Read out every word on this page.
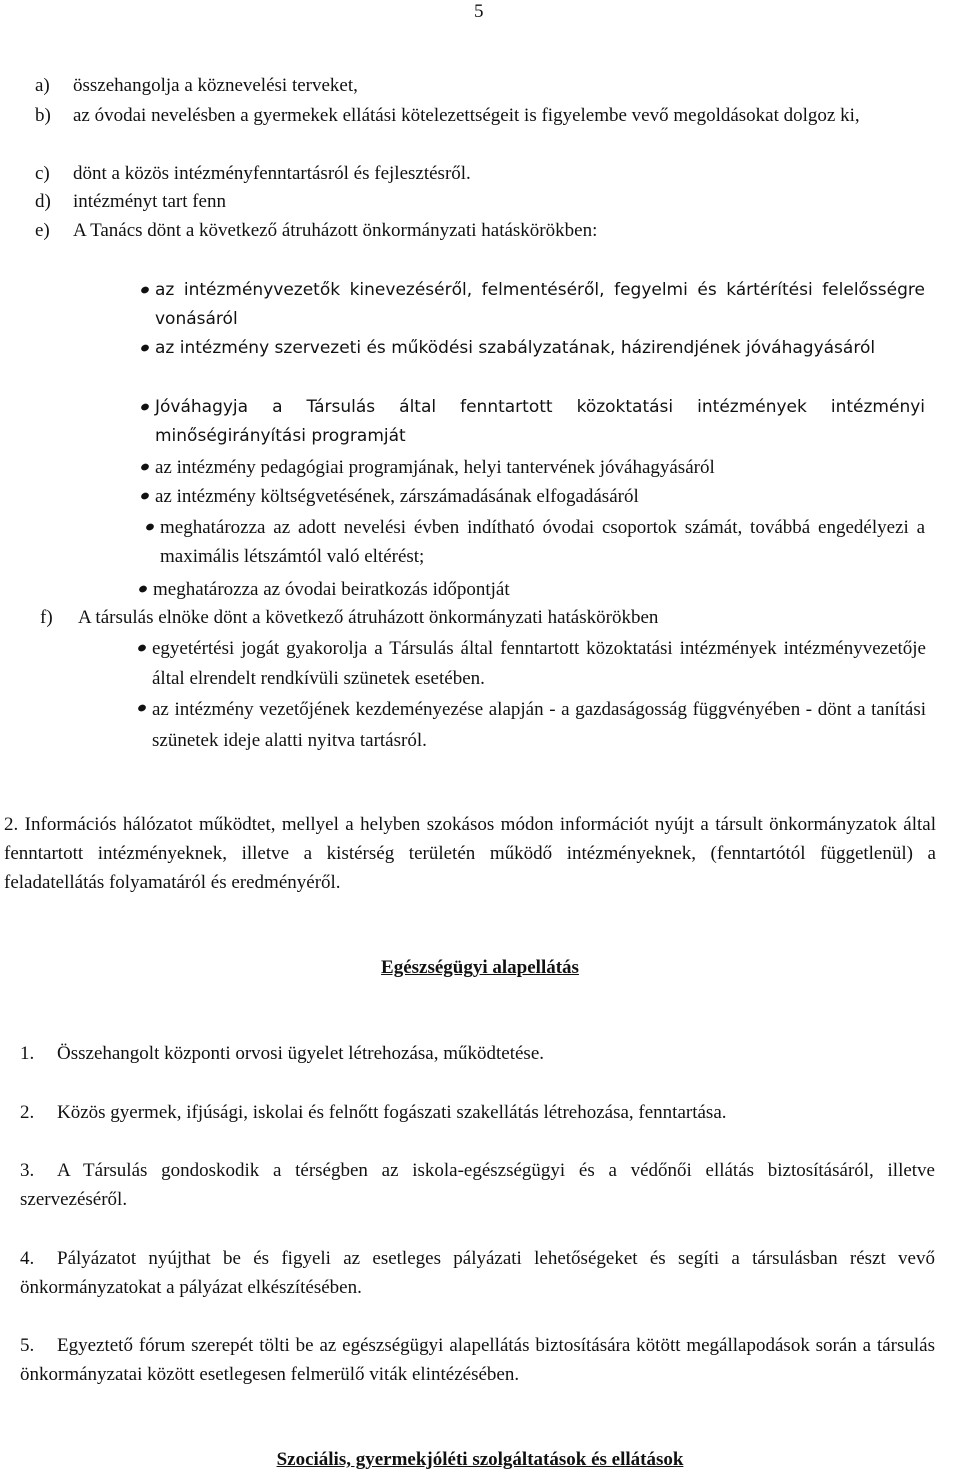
5
a) összehangolja a köznevelési terveket,
b) az óvodai nevelésben a gyermekek ellátási kötelezettségeit is figyelembe vevő megoldásokat dolgoz ki,
c) dönt a közös intézményfenntartásról és fejlesztésről.
d) intézményt tart fenn
e) A Tanács dönt a következő átruházott önkormányzati hatáskörökben:
az intézményvezetők kinevezéséről, felmentéséről, fegyelmi és kártérítési felelősségre vonásáról
az intézmény szervezeti és működési szabályzatának, házirendjének jóváhagyásáról
Jóváhagyja a Társulás által fenntartott közoktatási intézmények intézményi minőségirányítási programját
az intézmény pedagógiai programjának, helyi tantervének jóváhagyásáról
az intézmény költségvetésének, zárszámadásának elfogadásáról
meghatározza az adott nevelési évben indítható óvodai csoportok számát, továbbá engedélyezi a maximális létszámtól való eltérést;
meghatározza az óvodai beiratkozás időpontját
f) A társulás elnöke dönt a következő átruházott önkormányzati hatáskörökben
egyetértési jogát gyakorolja a Társulás által fenntartott közoktatási intézmények intézményvezetője által elrendelt rendkívüli szünetek esetében.
az intézmény vezetőjének kezdeményezése alapján - a gazdaságosság függvényében - dönt a tanítási szünetek ideje alatti nyitva tartásról.
2. Információs hálózatot működtet, mellyel a helyben szokásos módon információt nyújt a társult önkormányzatok által fenntartott intézményeknek, illetve a kistérség területén működő intézményeknek, (fenntartótól függetlenül) a feladatellátás folyamatáról és eredményéről.
Egészségügyi alapellátás
1. Összehangolt központi orvosi ügyelet létrehozása, működtetése.
2. Közös gyermek, ifjúsági, iskolai és felnőtt fogászati szakellátás létrehozása, fenntartása.
3.	A Társulás gondoskodik a térségben az iskola-egészségügyi és a védőnői ellátás biztosításáról, illetve szervezéséről.
4.	Pályázatot nyújthat be és figyeli az esetleges pályázati lehetőségeket és segíti a társulásban részt vevő önkormányzatokat a pályázat elkészítésében.
5.	Egyeztető fórum szerepét tölti be az egészségügyi alapellátás biztosítására kötött megállapodások során a társulás önkormányzatai között esetlegesen felmerülő viták elintézésében.
Szociális, gyermekjóléti szolgáltatások és ellátások
